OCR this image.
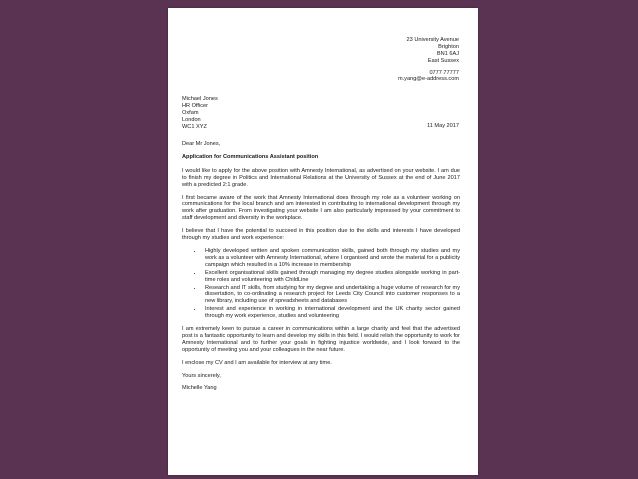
23 University Avenue
Brighton
BN1 6AJ
East Sussex
0777 77777
m.yang@e-address.com
Michael Jones
HR Officer
Oxfam
London
WC1 XYZ	11 May 2017

Dear Mr Jones,

Application for Communications Assistant position

I would like to apply for the above position with Amnesty International, as advertised on your website. I am due to finish my degree in Politics and International Relations at the University of Sussex at the end of June 2017 with a predicted 2:1 grade.

I first became aware of the work that Amnesty International does through my role as a volunteer working on communications for the local branch and am interested in contributing to international development through my work after graduation. From investigating your website I am also particularly impressed by your commitment to staff development and diversity in the workplace.

I believe that I have the potential to succeed in this position due to the skills and interests I have developed through my studies and work experience:

• Highly developed written and spoken communication skills, gained both through my studies and my work as a volunteer with Amnesty International, where I organised and wrote the material for a publicity campaign which resulted in a 10% increase in membership
• Excellent organisational skills gained through managing my degree studies alongside working in part-time roles and volunteering with ChildLine
• Research and IT skills, from studying for my degree and undertaking a huge volume of research for my dissertation, to co-ordinating a research project for Leeds City Council into customer responses to a new library, including use of spreadsheets and databases
• Interest and experience in working in international development and the UK charity sector gained through my work experience, studies and volunteering

I am extremely keen to pursue a career in communications within a large charity and feel that the advertised post is a fantastic opportunity to learn and develop my skills in this field. I would relish the opportunity to work for Amnesty International and to further your goals in fighting injustice worldwide, and I look forward to the opportunity of meeting you and your colleagues in the near future.

I enclose my CV and I am available for interview at any time.

Yours sincerely,

Michelle Yang
